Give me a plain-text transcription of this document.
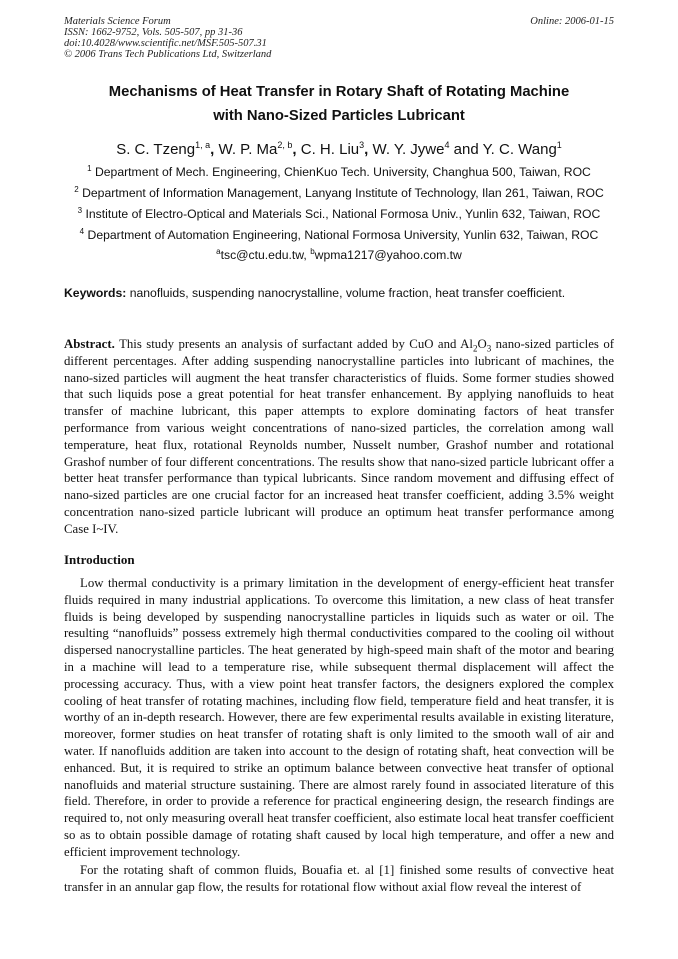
Materials Science Forum
ISSN: 1662-9752, Vols. 505-507, pp 31-36
doi:10.4028/www.scientific.net/MSF.505-507.31
© 2006 Trans Tech Publications Ltd, Switzerland
Online: 2006-01-15
Mechanisms of Heat Transfer in Rotary Shaft of Rotating Machine
with Nano-Sized Particles Lubricant
S. C. Tzeng$^{1, a}$, W. P. Ma$^{2, b}$, C. H. Liu$^3$, W. Y. Jywe$^4$ and Y. C. Wang$^1$
$^1$ Department of Mech. Engineering, ChienKuo Tech. University, Changhua 500, Taiwan, ROC
$^2$ Department of Information Management, Lanyang Institute of Technology, Ilan 261, Taiwan, ROC
$^3$ Institute of Electro-Optical and Materials Sci., National Formosa Univ., Yunlin 632, Taiwan, ROC
$^4$ Department of Automation Engineering, National Formosa University, Yunlin 632, Taiwan, ROC
$^a$tsc@ctu.edu.tw, $^b$wpma1217@yahoo.com.tw
Keywords: nanofluids, suspending nanocrystalline, volume fraction, heat transfer coefficient.
Abstract. This study presents an analysis of surfactant added by CuO and $Al_2O_3$ nano-sized particles of different percentages. After adding suspending nanocrystalline particles into lubricant of machines, the nano-sized particles will augment the heat transfer characteristics of fluids. Some former studies showed that such liquids pose a great potential for heat transfer enhancement. By applying nanofluids to heat transfer of machine lubricant, this paper attempts to explore dominating factors of heat transfer performance from various weight concentrations of nano-sized particles, the correlation among wall temperature, heat flux, rotational Reynolds number, Nusselt number, Grashof number and rotational Grashof number of four different concentrations. The results show that nano-sized particle lubricant offer a better heat transfer performance than typical lubricants. Since random movement and diffusing effect of nano-sized particles are one crucial factor for an increased heat transfer coefficient, adding 3.5% weight concentration nano-sized particle lubricant will produce an optimum heat transfer performance among Case I~IV.
Introduction
Low thermal conductivity is a primary limitation in the development of energy-efficient heat transfer fluids required in many industrial applications. To overcome this limitation, a new class of heat transfer fluids is being developed by suspending nanocrystalline particles in liquids such as water or oil. The resulting “nanofluids” possess extremely high thermal conductivities compared to the cooling oil without dispersed nanocrystalline particles. The heat generated by high-speed main shaft of the motor and bearing in a machine will lead to a temperature rise, while subsequent thermal displacement will affect the processing accuracy. Thus, with a view point heat transfer factors, the designers explored the complex cooling of heat transfer of rotating machines, including flow field, temperature field and heat transfer, it is worthy of an in-depth research. However, there are few experimental results available in existing literature, moreover, former studies on heat transfer of rotating shaft is only limited to the smooth wall of air and water. If nanofluids addition are taken into account to the design of rotating shaft, heat convection will be enhanced. But, it is required to strike an optimum balance between convective heat transfer of optional nanofluids and material structure sustaining. There are almost rarely found in associated literature of this field. Therefore, in order to provide a reference for practical engineering design, the research findings are required to, not only measuring overall heat transfer coefficient, also estimate local heat transfer coefficient so as to obtain possible damage of rotating shaft caused by local high temperature, and offer a new and efficient improvement technology.
For the rotating shaft of common fluids, Bouafia et. al [1] finished some results of convective heat transfer in an annular gap flow, the results for rotational flow without axial flow reveal the interest of
